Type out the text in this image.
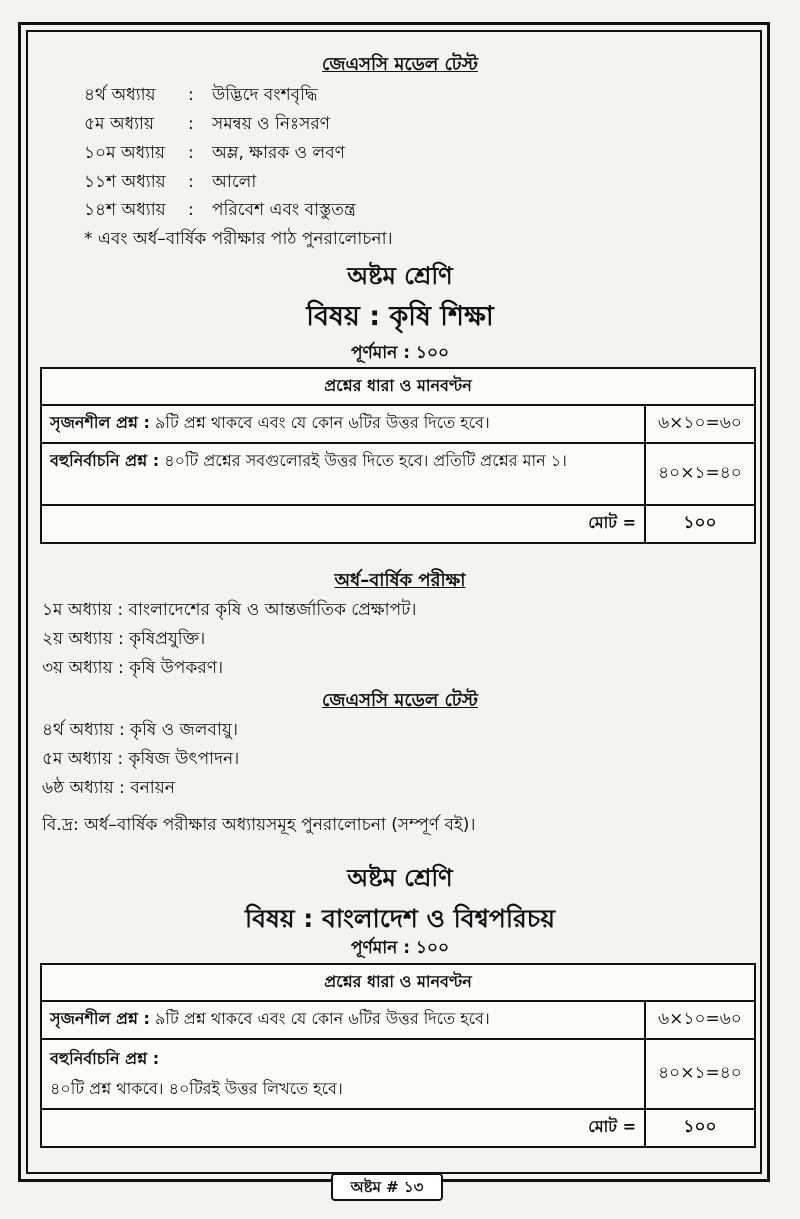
জেএসসি মডেল টেস্ট
৪র্থ অধ্যায় : উদ্ভিদে বংশবৃদ্ধি
৫ম অধ্যায় : সমন্বয় ও নিঃসরণ
১০ম অধ্যায় : অম্ল, ক্ষারক ও লবণ
১১শ অধ্যায় : আলো
১৪শ অধ্যায় : পরিবেশ এবং বাস্তুতন্ত্র
* এবং অর্ধ–বার্ষিক পরীক্ষার পাঠ পুনরালোচনা।
অষ্টম শ্রেণি
বিষয় : কৃষি শিক্ষা
পূর্ণমান : ১০০
প্রশ্নের ধারা ও মানবণ্টন	
সৃজনশীল প্রশ্ন : ৯টি প্রশ্ন থাকবে এবং যে কোন ৬টির উত্তর দিতে হবে।	৬×১০=৬০
বহুনির্বাচনি প্রশ্ন : ৪০টি প্রশ্নের সবগুলোরই উত্তর দিতে হবে। প্রতিটি প্রশ্নের মান ১।	৪০×১=৪০
মোট =	১০০
অর্ধ–বার্ষিক পরীক্ষা
১ম অধ্যায় : বাংলাদেশের কৃষি ও আন্তর্জাতিক প্রেক্ষাপট।
২য় অধ্যায় : কৃষিপ্রযুক্তি।
৩য় অধ্যায় : কৃষি উপকরণ।
জেএসসি মডেল টেস্ট
৪র্থ অধ্যায় : কৃষি ও জলবায়ু।
৫ম অধ্যায় : কৃষিজ উৎপাদন।
৬ষ্ঠ অধ্যায় : বনায়ন
বি.দ্র: অর্ধ–বার্ষিক পরীক্ষার অধ্যায়সমূহ পুনরালোচনা (সম্পূর্ণ বই)।
অষ্টম শ্রেণি
বিষয় : বাংলাদেশ ও বিশ্বপরিচয়
পূর্ণমান : ১০০
প্রশ্নের ধারা ও মানবণ্টন	
সৃজনশীল প্রশ্ন : ৯টি প্রশ্ন থাকবে এবং যে কোন ৬টির উত্তর দিতে হবে।	৬×১০=৬০
বহুনির্বাচনি প্রশ্ন :
৪০টি প্রশ্ন থাকবে। ৪০টিরই উত্তর লিখতে হবে।	৪০×১=৪০
মোট =	১০০
অষ্টম # ১৩
